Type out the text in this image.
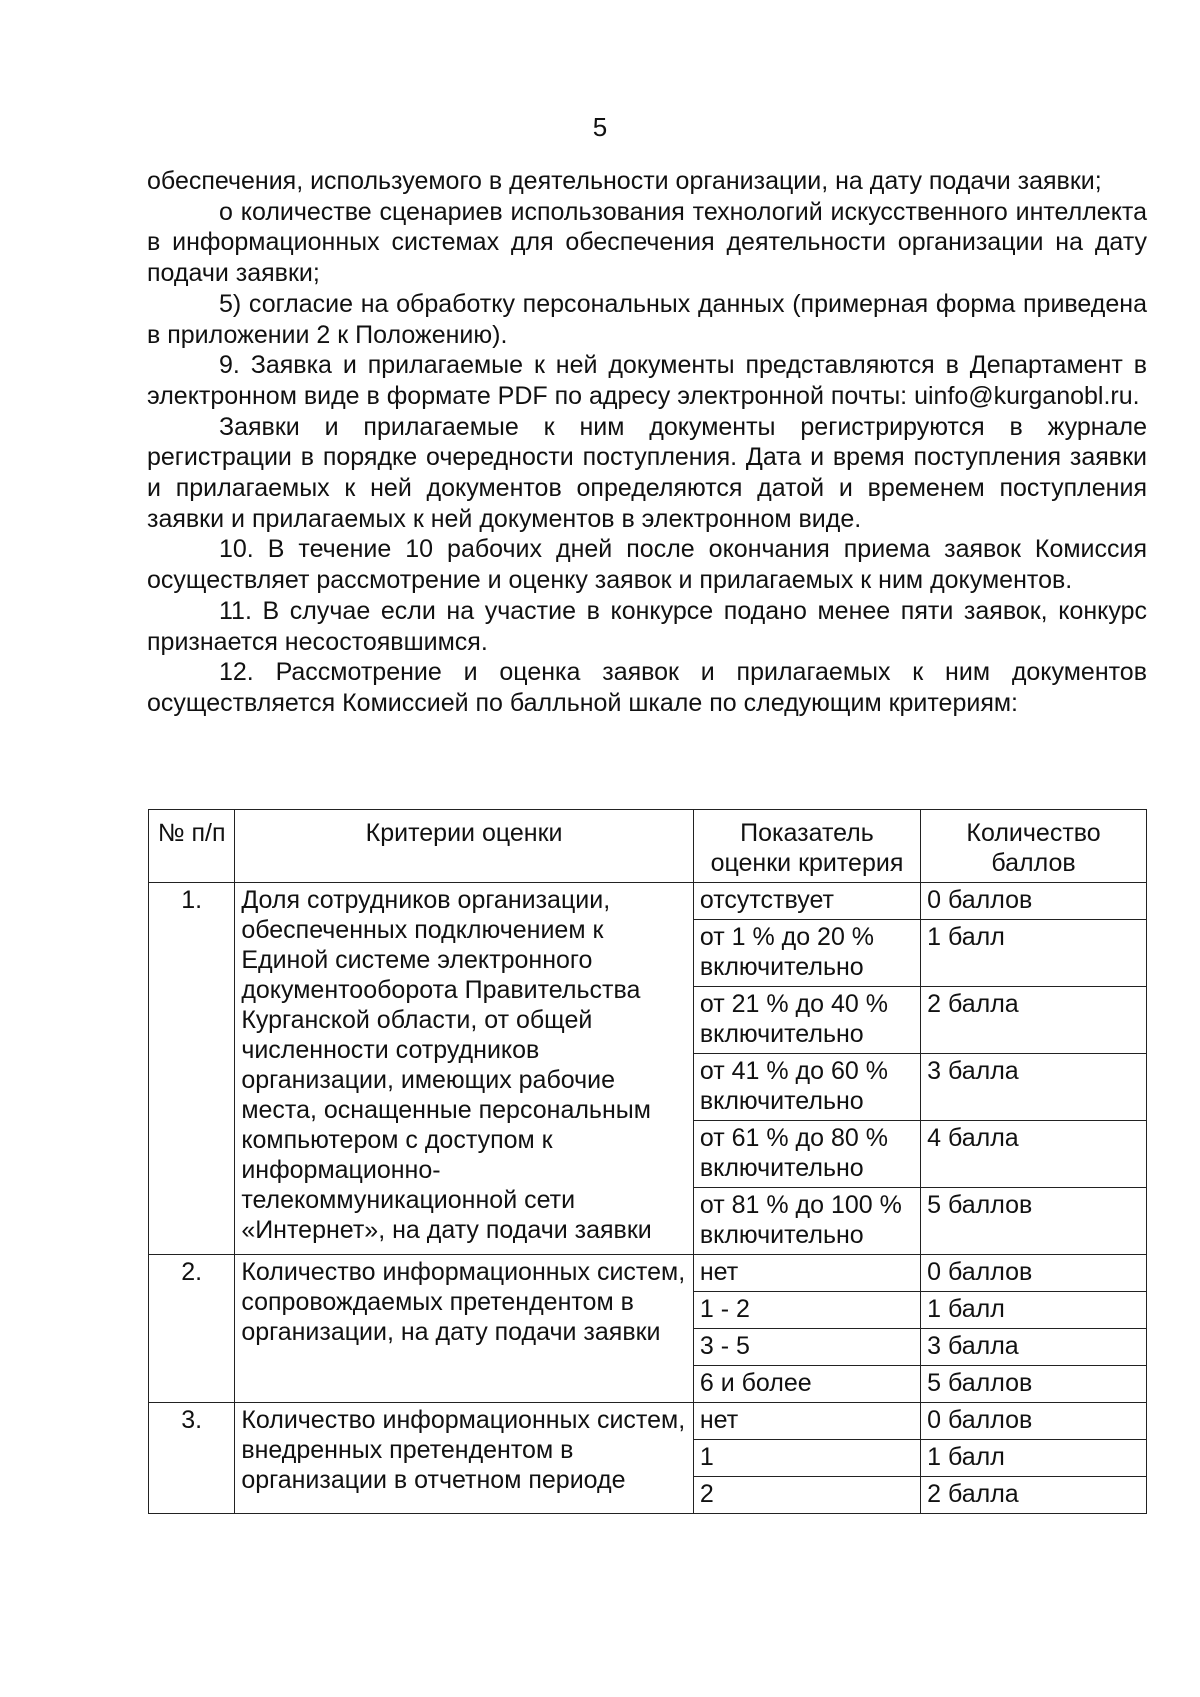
5

обеспечения, используемого в деятельности организации, на дату подачи заявки;

о количестве сценариев использования технологий искусственного интеллекта в информационных системах для обеспечения деятельности организации на дату подачи заявки;

5) согласие на обработку персональных данных (примерная форма приведена в приложении 2 к Положению).

9. Заявка и прилагаемые к ней документы представляются в Департамент в электронном виде в формате PDF по адресу электронной почты: uinfo@kurganobl.ru.

Заявки и прилагаемые к ним документы регистрируются в журнале регистрации в порядке очередности поступления. Дата и время поступления заявки и прилагаемых к ней документов определяются датой и временем поступления заявки и прилагаемых к ней документов в электронном виде.

10. В течение 10 рабочих дней после окончания приема заявок Комиссия осуществляет рассмотрение и оценку заявок и прилагаемых к ним документов.

11. В случае если на участие в конкурсе подано менее пяти заявок, конкурс признается несостоявшимся.

12. Рассмотрение и оценка заявок и прилагаемых к ним документов осуществляется Комиссией по балльной шкале по следующим критериям:

№ п/п	Критерии оценки	Показатель оценки критерия	Количество баллов
1.	Доля сотрудников организации, обеспеченных подключением к Единой системе электронного документооборота Правительства Курганской области, от общей численности сотрудников организации, имеющих рабочие места, оснащенные персональным компьютером с доступом к информационно-телекоммуникационной сети «Интернет», на дату подачи заявки	отсутствует	0 баллов
		от 1 % до 20 % включительно	1 балл
		от 21 % до 40 % включительно	2 балла
		от 41 % до 60 % включительно	3 балла
		от 61 % до 80 % включительно	4 балла
		от 81 % до 100 % включительно	5 баллов
2.	Количество информационных систем, сопровождаемых претендентом в организации, на дату подачи заявки	нет	0 баллов
		1 - 2	1 балл
		3 - 5	3 балла
		6 и более	5 баллов
3.	Количество информационных систем, внедренных претендентом в организации в отчетном периоде	нет	0 баллов
		1	1 балл
		2	2 балла
